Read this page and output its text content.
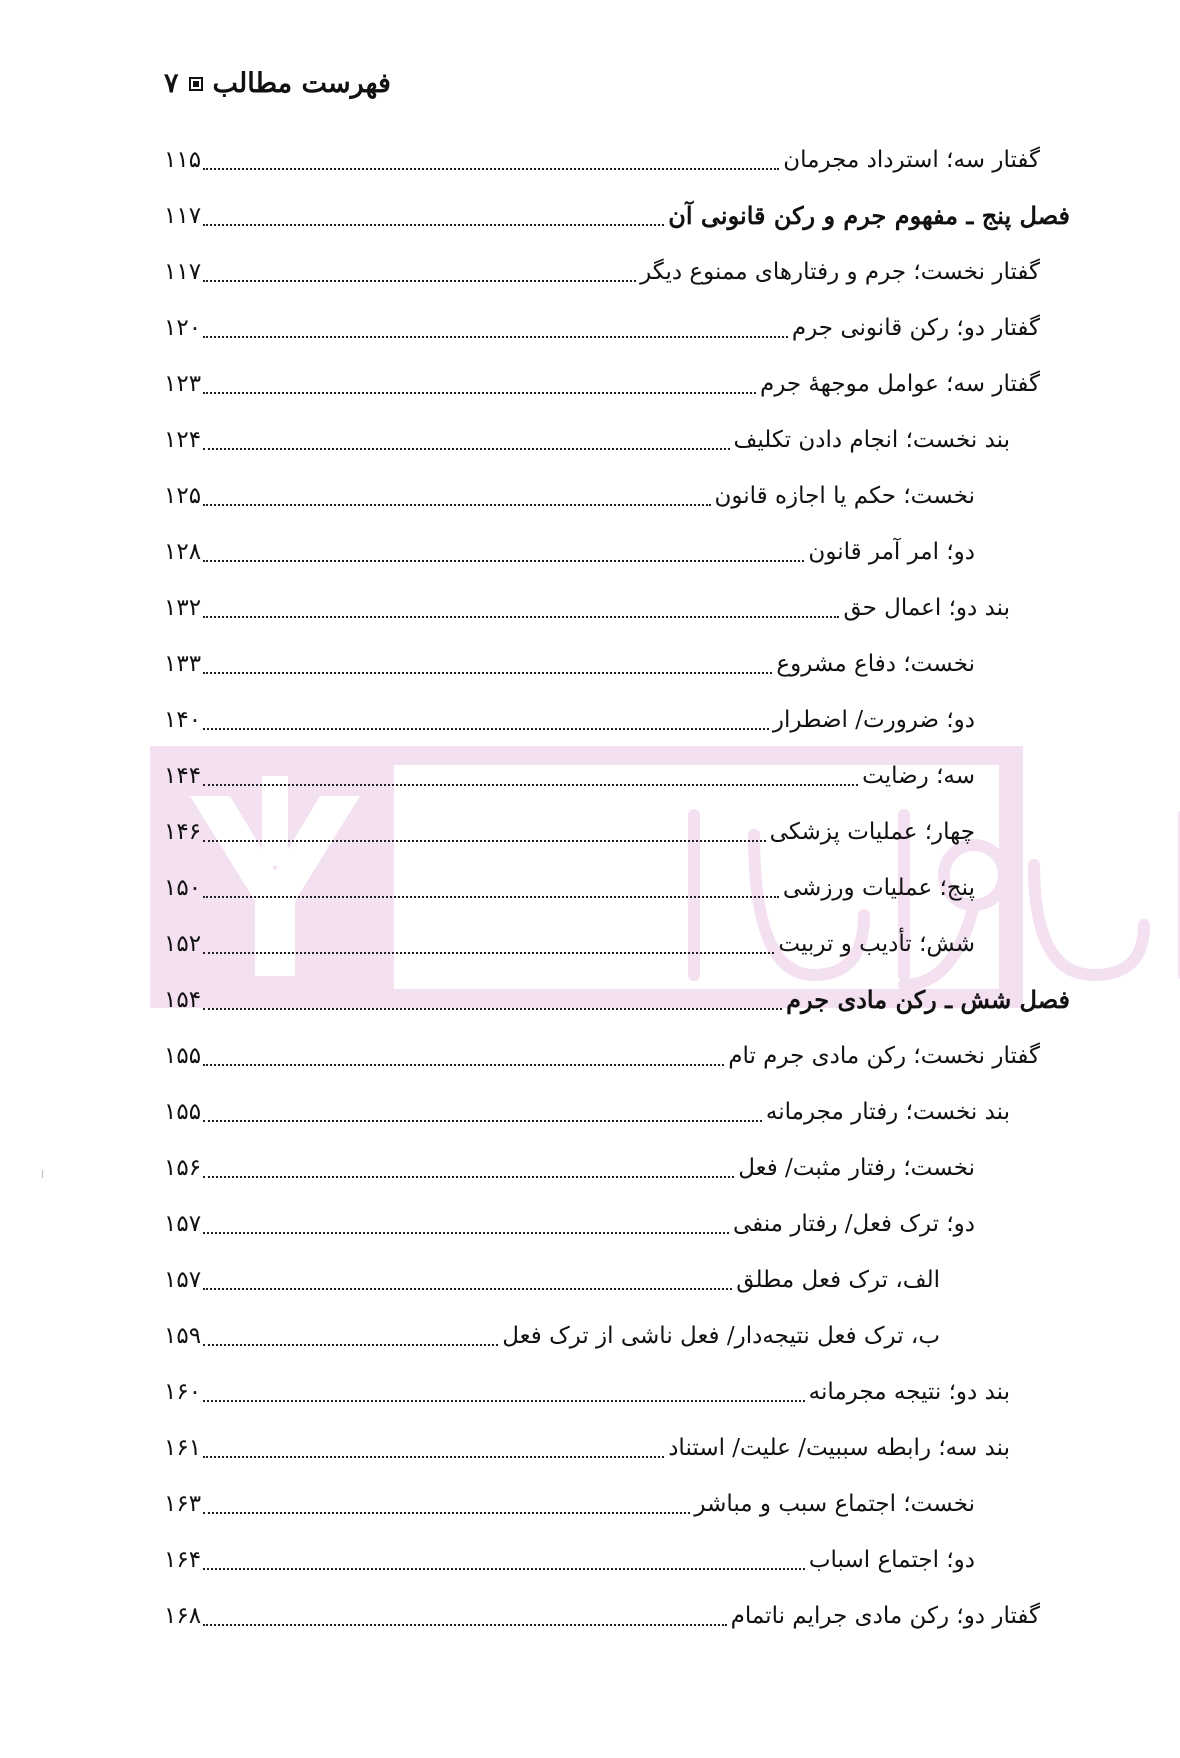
فهرست مطالب
۷
گفتار سه؛ استرداد مجرمان
۱۱۵
فصل پنج ـ مفهوم جرم و رکن قانونی آن
۱۱۷
گفتار نخست؛ جرم و رفتارهای ممنوع دیگر
۱۱۷
گفتار دو؛ رکن قانونی جرم
۱۲۰
گفتار سه؛ عوامل موجهۀ جرم
۱۲۳
بند نخست؛ انجام دادن تکلیف
۱۲۴
نخست؛ حکم یا اجازه قانون
۱۲۵
دو؛ امر آمر قانون
۱۲۸
بند دو؛ اعمال حق
۱۳۲
نخست؛ دفاع مشروع
۱۳۳
دو؛ ضرورت/ اضطرار
۱۴۰
سه؛ رضایت
۱۴۴
چهار؛ عملیات پزشکی
۱۴۶
پنج؛ عملیات ورزشی
۱۵۰
شش؛ تأدیب و تربیت
۱۵۲
فصل شش ـ رکن مادی جرم
۱۵۴
گفتار نخست؛ رکن مادی جرم تام
۱۵۵
بند نخست؛ رفتار مجرمانه
۱۵۵
نخست؛ رفتار مثبت/ فعل
۱۵۶
دو؛ ترک فعل/ رفتار منفی
۱۵۷
الف، ترک فعل مطلق
۱۵۷
ب، ترک فعل نتیجه‌دار/ فعل ناشی از ترک فعل
۱۵۹
بند دو؛ نتیجه مجرمانه
۱۶۰
بند سه؛ رابطه سببیت/ علیت/ استناد
۱۶۱
نخست؛ اجتماع سبب و مباشر
۱۶۳
دو؛ اجتماع اسباب
۱۶۴
گفتار دو؛ رکن مادی جرایم ناتمام
۱۶۸
